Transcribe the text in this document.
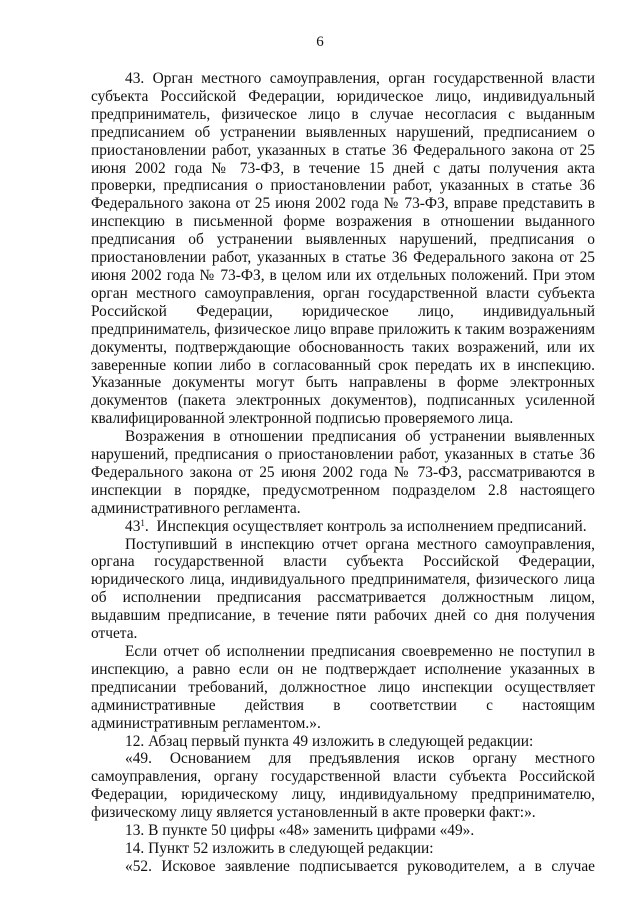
6

43. Орган местного самоуправления, орган государственной власти субъекта Российской Федерации, юридическое лицо, индивидуальный предприниматель, физическое лицо в случае несогласия с выданным предписанием об устранении выявленных нарушений, предписанием о приостановлении работ, указанных в статье 36 Федерального закона от 25 июня 2002 года № 73-ФЗ, в течение 15 дней с даты получения акта проверки, предписания о приостановлении работ, указанных в статье 36 Федерального закона от 25 июня 2002 года № 73-ФЗ, вправе представить в инспекцию в письменной форме возражения в отношении выданного предписания об устранении выявленных нарушений, предписания о приостановлении работ, указанных в статье 36 Федерального закона от 25 июня 2002 года № 73-ФЗ, в целом или их отдельных положений. При этом орган местного самоуправления, орган государственной власти субъекта Российской Федерации, юридическое лицо, индивидуальный предприниматель, физическое лицо вправе приложить к таким возражениям документы, подтверждающие обоснованность таких возражений, или их заверенные копии либо в согласованный срок передать их в инспекцию. Указанные документы могут быть направлены в форме электронных документов (пакета электронных документов), подписанных усиленной квалифицированной электронной подписью проверяемого лица.

Возражения в отношении предписания об устранении выявленных нарушений, предписания о приостановлении работ, указанных в статье 36 Федерального закона от 25 июня 2002 года № 73-ФЗ, рассматриваются в инспекции в порядке, предусмотренном подразделом 2.8 настоящего административного регламента.

$43^1$. Инспекция осуществляет контроль за исполнением предписаний.

Поступивший в инспекцию отчет органа местного самоуправления, органа государственной власти субъекта Российской Федерации, юридического лица, индивидуального предпринимателя, физического лица об исполнении предписания рассматривается должностным лицом, выдавшим предписание, в течение пяти рабочих дней со дня получения отчета.

Если отчет об исполнении предписания своевременно не поступил в инспекцию, а равно если он не подтверждает исполнение указанных в предписании требований, должностное лицо инспекции осуществляет административные действия в соответствии с настоящим административным регламентом.».

12. Абзац первый пункта 49 изложить в следующей редакции:

«49. Основанием для предъявления исков органу местного самоуправления, органу государственной власти субъекта Российской Федерации, юридическому лицу, индивидуальному предпринимателю, физическому лицу является установленный в акте проверки факт:».

13. В пункте 50 цифры «48» заменить цифрами «49».

14. Пункт 52 изложить в следующей редакции:

«52. Исковое заявление подписывается руководителем, а в случае
